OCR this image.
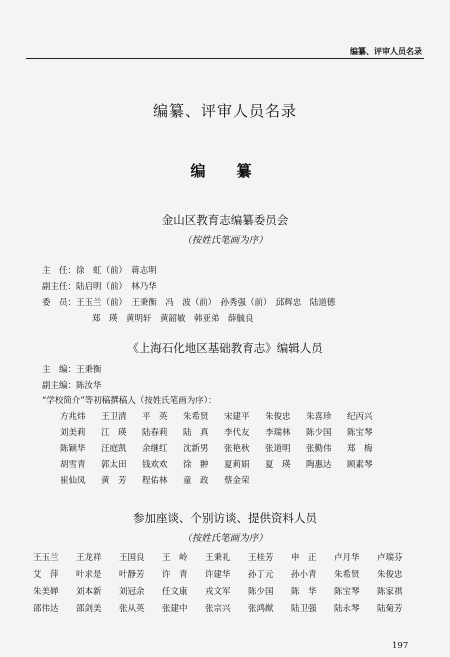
编纂、评审人员名录
编纂、评审人员名录
编　纂
金山区教育志编纂委员会
（按姓氏笔画为序）
主　任：徐　虹（前）　蒋志明
副主任：陆启明（前）　林乃华
委　员：王玉兰（前）　王秉衡　冯　波（前）　孙秀强（前）　邱辉忠　陆道德
郑　瑛　黄明轩　黄韶敏　韩亚弟　薛毓良
《上海石化地区基础教育志》编辑人员
主　编：王秉衡
副主编：陈汝华
“学校简介”等初稿撰稿人（按姓氏笔画为序）：
方兆炜	王卫清	平　英	朱希贤	宋建平	朱俊忠	朱喜珍	纪丙兴
刘美莉	江　瑛	陆春莉	陆　真	李代友	李瑞林	陈少国	陈宝琴
陈颖华	汪庭凯	余继红	沈新男	张艳秋	张道明	张勤伟	郑　梅
胡雪青	郭太田	钱欢欢	徐　翀	夏莉娟	夏　瑛	陶惠达	顾素琴
崔仙凤	黄　芳	程佑林	童　政	蔡金荣
参加座谈、个别访谈、提供资料人员
（按姓氏笔画为序）
王玉兰	王龙祥	王国良	王　岭	王秉礼	王桂芳	申　正	卢月华	卢瑞芬
艾　萍	叶求是	叶静芳	许　青	许建华	孙丁元	孙小青	朱希贤	朱俊忠
朱美婵	刘本新	刘冠余	任文康	戎文军	陈少国	陈　华	陈宝琴	陈家祺
邵伟达	邵剑美	张从英	张建中	张宗兴	张鸿猷	陆卫强	陆永琴	陆菊芳
197
